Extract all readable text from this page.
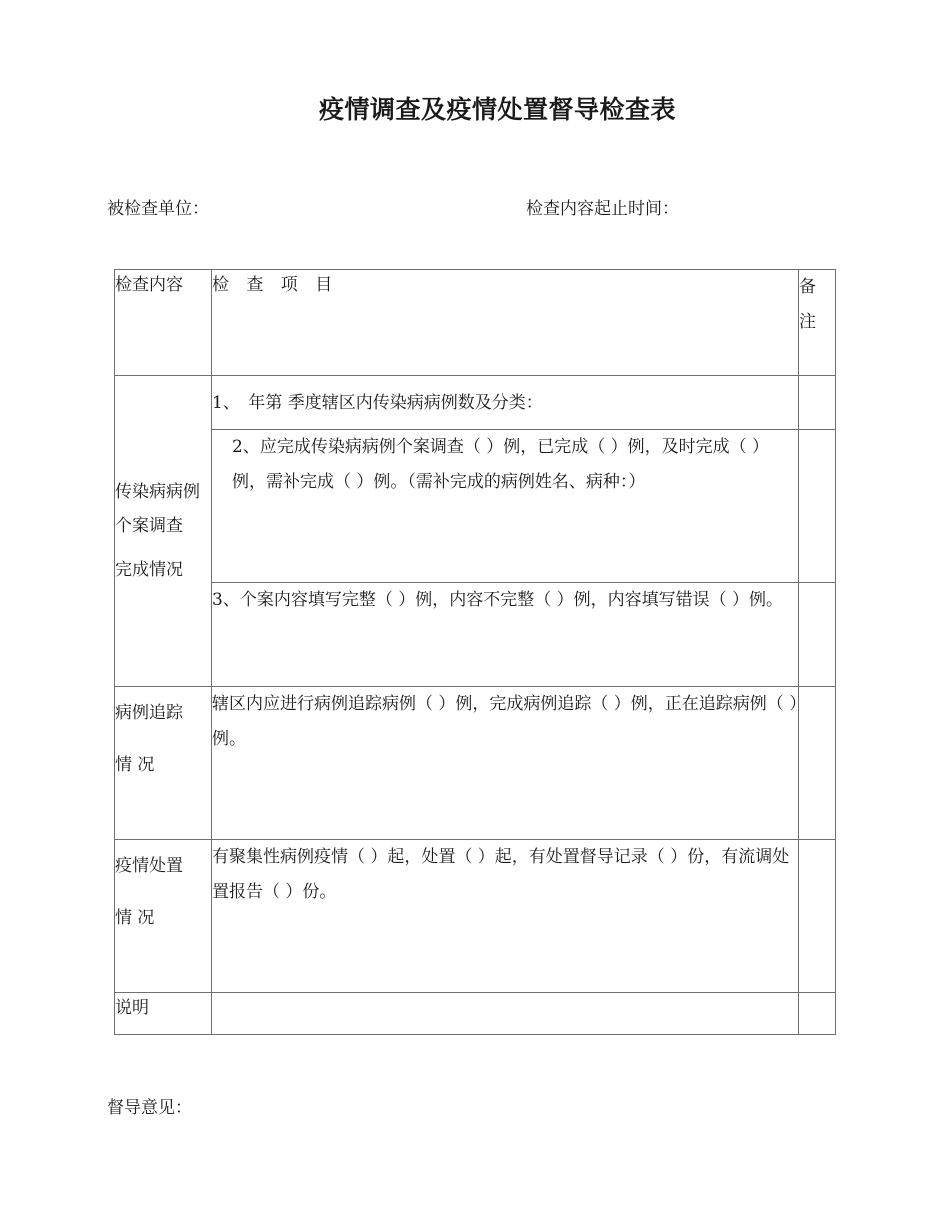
疫情调查及疫情处置督导检查表
被检查单位：	检查内容起止时间：
检查内容	检 查 项 目	备
注

传染病病例
个案调查
完成情况	1、　年第 季度辖区内传染病病例数及分类：	

	2、应完成传染病病例个案调查（ ）例，已完成（ ）例，及时完成（ ）例，需补完成（ ）例。（需补完成的病例姓名、病种：）	

	3、个案内容填写完整（ ）例，内容不完整（ ）例，内容填写错误（ ）例。	
病例追踪
情 况	辖区内应进行病例追踪病例（ ）例，完成病例追踪（ ）例，正在追踪病例（ ）例。	
疫情处置
情 况	有聚集性病例疫情（ ）起，处置（ ）起，有处置督导记录（ ）份，有流调处置报告（ ）份。	
说明		
督导意见：
